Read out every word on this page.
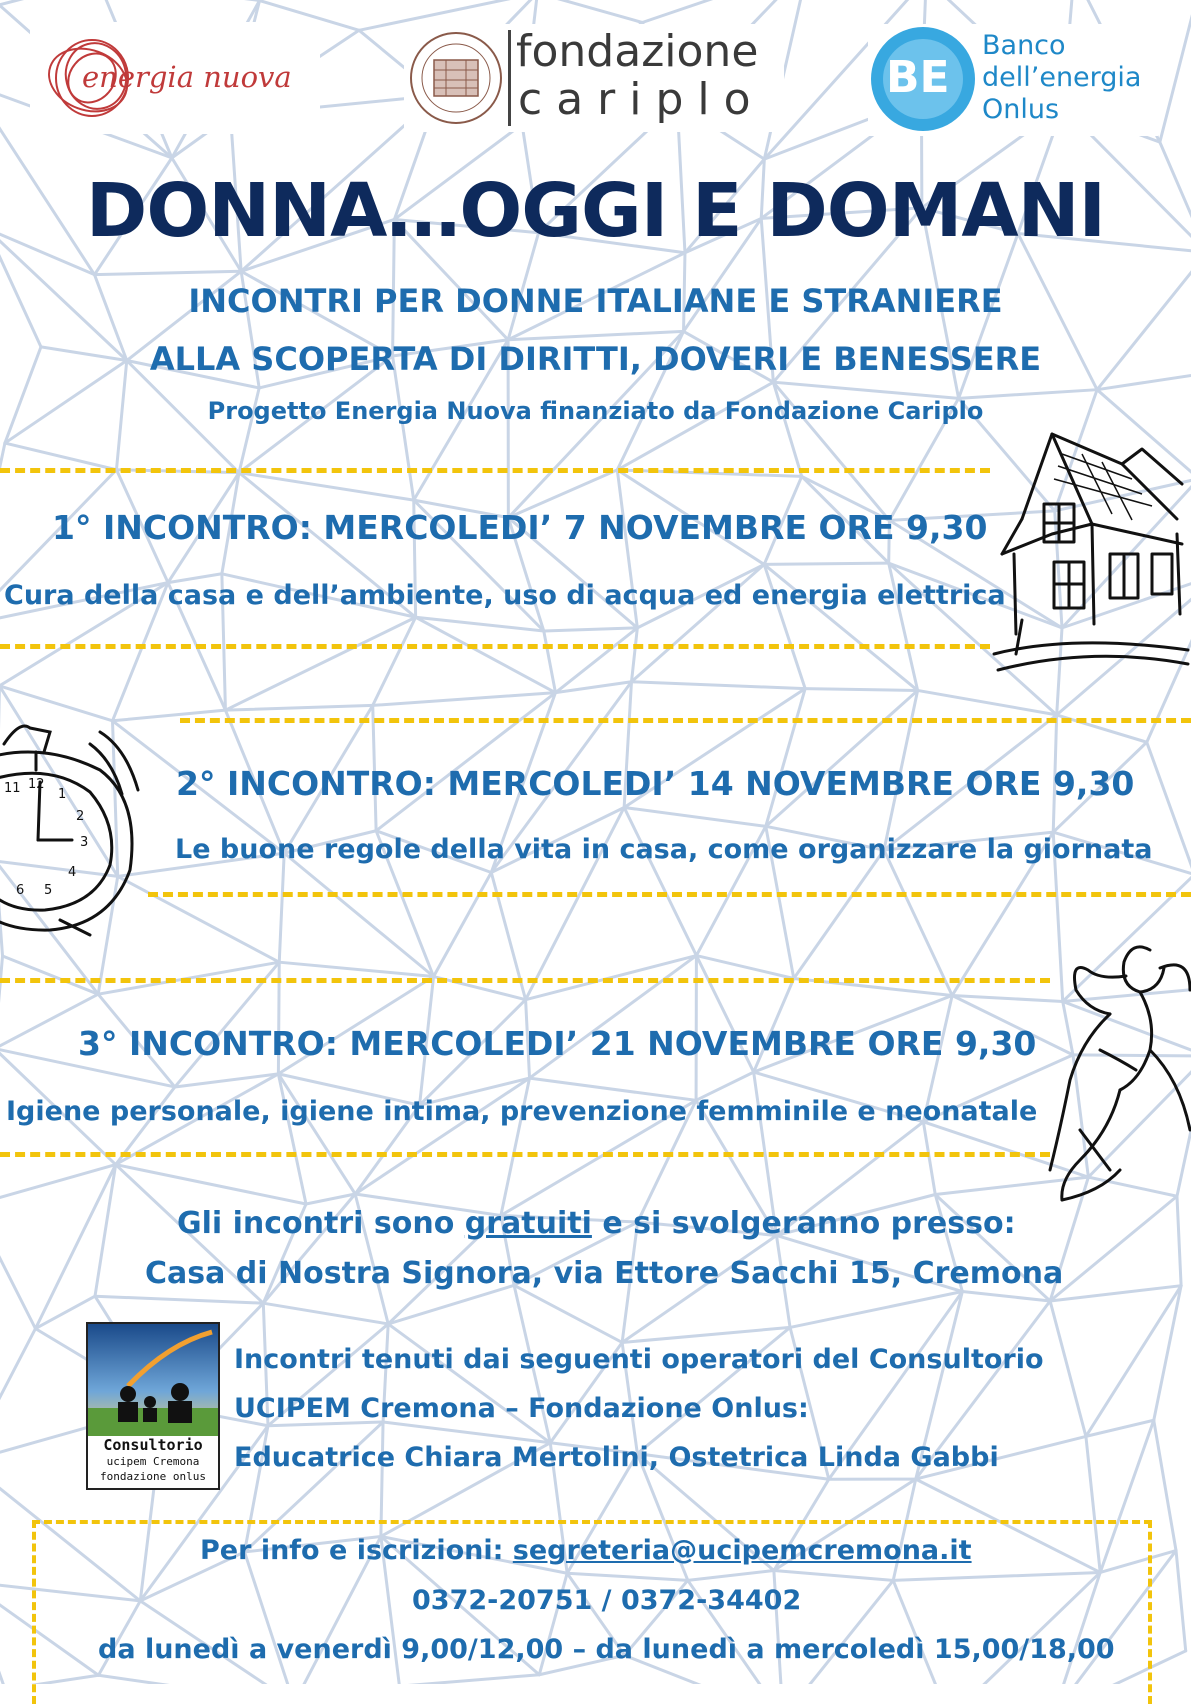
energia nuova	fondazione
cariplo	BE
Banco
dell’energia
Onlus
DONNA…OGGI E DOMANI
INCONTRI PER DONNE ITALIANE E STRANIERE
ALLA SCOPERTA DI DIRITTI, DOVERI E BENESSERE
Progetto Energia Nuova finanziato da Fondazione Cariplo
1° INCONTRO: MERCOLEDI’ 7 NOVEMBRE ORE 9,30
Cura della casa e dell’ambiente, uso di acqua ed energia elettrica
11 12
1
2
3
4
5
6
2° INCONTRO: MERCOLEDI’ 14 NOVEMBRE ORE 9,30
Le buone regole della vita in casa, come organizzare la giornata
3° INCONTRO: MERCOLEDI’ 21 NOVEMBRE ORE 9,30
Igiene personale, igiene intima, prevenzione femminile e neonatale
Gli incontri sono gratuiti e si svolgeranno presso:
Casa di Nostra Signora, via Ettore Sacchi 15, Cremona
Consultorio
ucipem Cremona
fondazione onlus
Incontri tenuti dai seguenti operatori del Consultorio
UCIPEM Cremona – Fondazione Onlus:
Educatrice Chiara Mertolini, Ostetrica Linda Gabbi
Per info e iscrizioni: segreteria@ucipemcremona.it
0372-20751 / 0372-34402
da lunedì a venerdì 9,00/12,00 – da lunedì a mercoledì 15,00/18,00
